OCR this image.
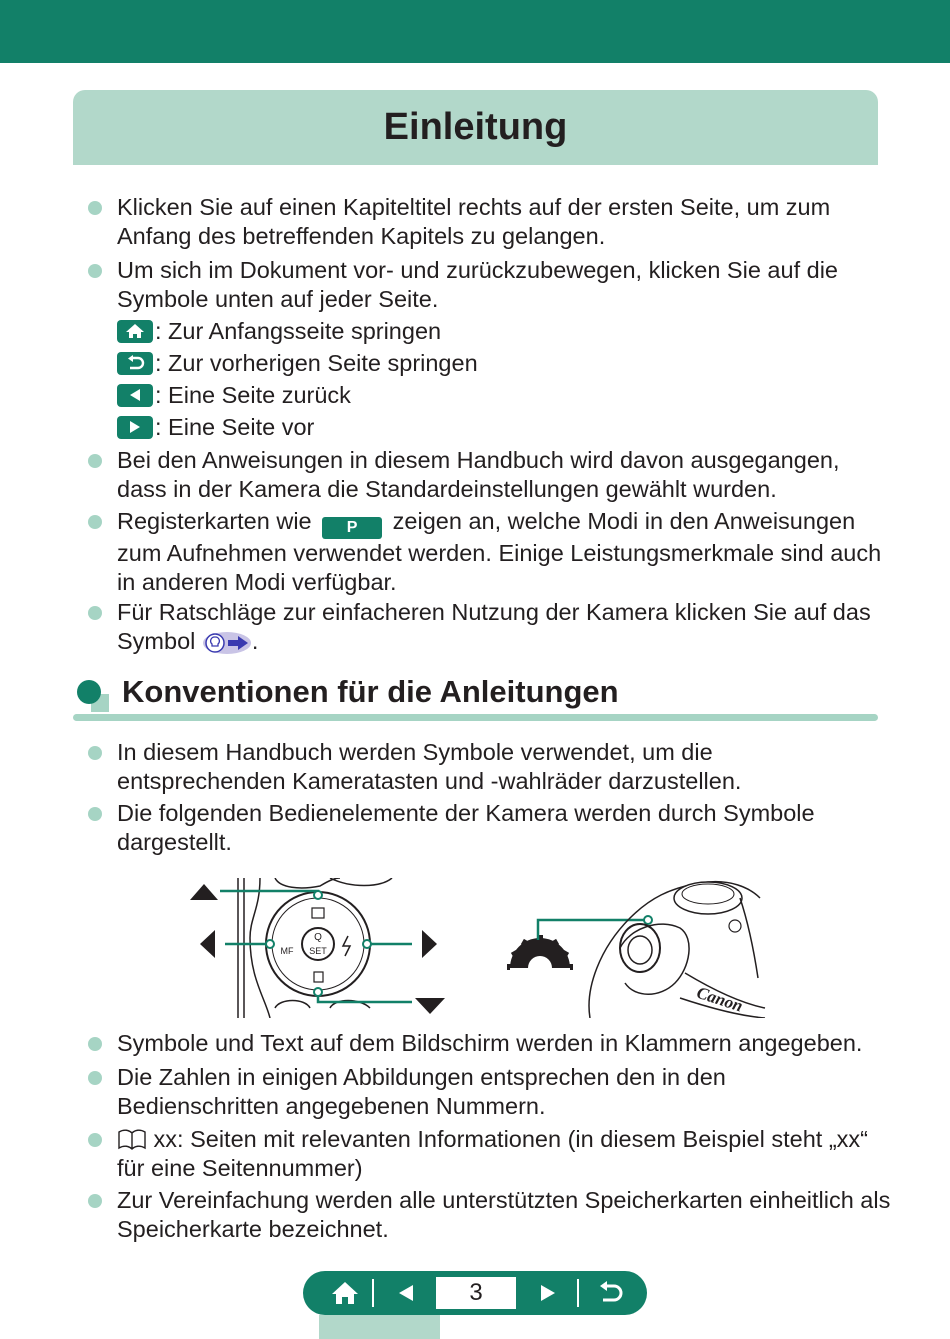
Einleitung

Klicken Sie auf einen Kapiteltitel rechts auf der ersten Seite, um zum Anfang des betreffenden Kapitels zu gelangen.

Um sich im Dokument vor- und zurückzubewegen, klicken Sie auf die Symbole unten auf jeder Seite.

: Zur Anfangsseite springen
: Zur vorherigen Seite springen
: Eine Seite zurück
: Eine Seite vor

Bei den Anweisungen in diesem Handbuch wird davon ausgegangen, dass in der Kamera die Standardeinstellungen gewählt wurden.

Registerkarten wie P zeigen an, welche Modi in den Anweisungen zum Aufnehmen verwendet werden. Einige Leistungsmerkmale sind auch in anderen Modi verfügbar.

Für Ratschläge zur einfacheren Nutzung der Kamera klicken Sie auf das Symbol .

Konventionen für die Anleitungen

In diesem Handbuch werden Symbole verwendet, um die entsprechenden Kameratasten und -wahlräder darzustellen.

Die folgenden Bedienelemente der Kamera werden durch Symbole dargestellt.

Q
SET
MF
Canon

Symbole und Text auf dem Bildschirm werden in Klammern angegeben.

Die Zahlen in einigen Abbildungen entsprechen den in den Bedienschritten angegebenen Nummern.

xx: Seiten mit relevanten Informationen (in diesem Beispiel steht „xx“ für eine Seitennummer)

Zur Vereinfachung werden alle unterstützten Speicherkarten einheitlich als Speicherkarte bezeichnet.

3
